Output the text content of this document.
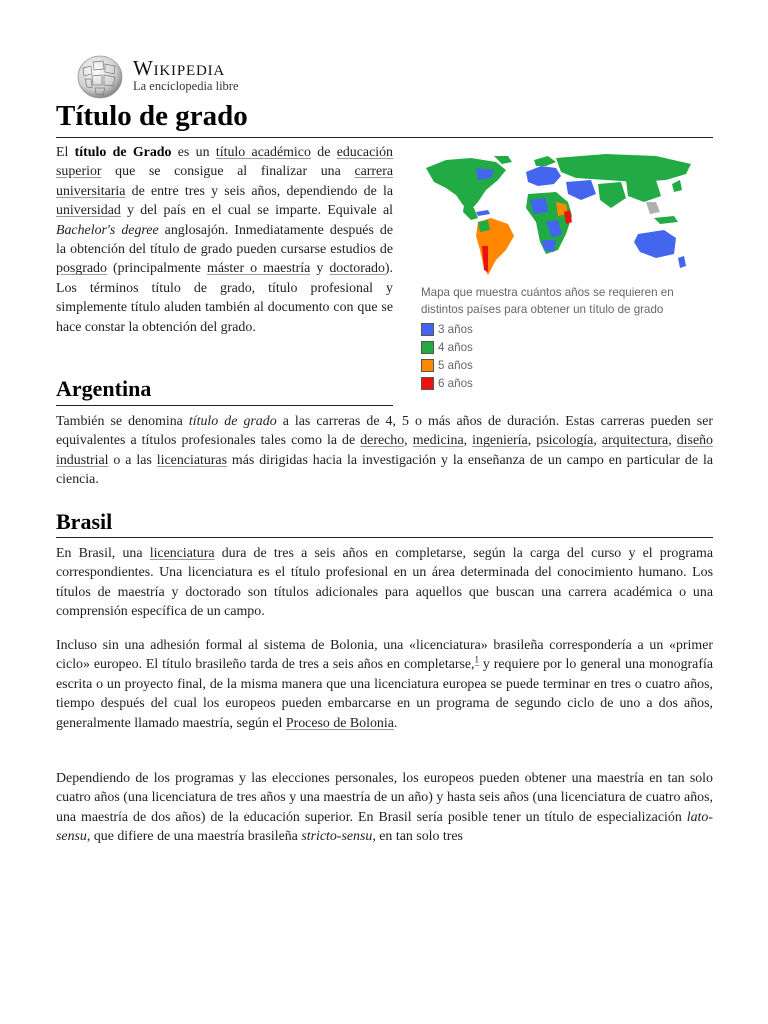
Wikipedia
La enciclopedia libre
Título de grado

El título de Grado es un título académico de educación superior que se consigue al finalizar una carrera universitaria de entre tres y seis años, dependiendo de la universidad y del país en el cual se imparte. Equivale al Bachelor's degree anglosajón. Inmediatamente después de la obtención del título de grado pueden cursarse estudios de posgrado (principalmente máster o maestría y doctorado). Los términos título de grado, título profesional y simplemente título aluden también al documento con que se hace constar la obtención del grado.

Mapa que muestra cuántos años se requieren en distintos países para obtener un título de grado
3 años
4 años
5 años
6 años
Argentina

También se denomina título de grado a las carreras de 4, 5 o más años de duración. Estas carreras pueden ser equivalentes a títulos profesionales tales como la de derecho, medicina, ingeniería, psicología, arquitectura, diseño industrial o a las licenciaturas más dirigidas hacia la investigación y la enseñanza de un campo en particular de la ciencia.

Brasil

En Brasil, una licenciatura dura de tres a seis años en completarse, según la carga del curso y el programa correspondientes. Una licenciatura es el título profesional en un área determinada del conocimiento humano. Los títulos de maestría y doctorado son títulos adicionales para aquellos que buscan una carrera académica o una comprensión específica de un campo.

Incluso sin una adhesión formal al sistema de Bolonia, una «licenciatura» brasileña correspondería a un «primer ciclo» europeo. El título brasileño tarda de tres a seis años en completarse,$^1$ y requiere por lo general una monografía escrita o un proyecto final, de la misma manera que una licenciatura europea se puede terminar en tres o cuatro años, tiempo después del cual los europeos pueden embarcarse en un programa de segundo ciclo de uno a dos años, generalmente llamado maestría, según el Proceso de Bolonia.

Dependiendo de los programas y las elecciones personales, los europeos pueden obtener una maestría en tan solo cuatro años (una licenciatura de tres años y una maestría de un año) y hasta seis años (una licenciatura de cuatro años, una maestría de dos años) de la educación superior. En Brasil sería posible tener un título de especialización lato-sensu, que difiere de una maestría brasileña stricto-sensu, en tan solo tres
